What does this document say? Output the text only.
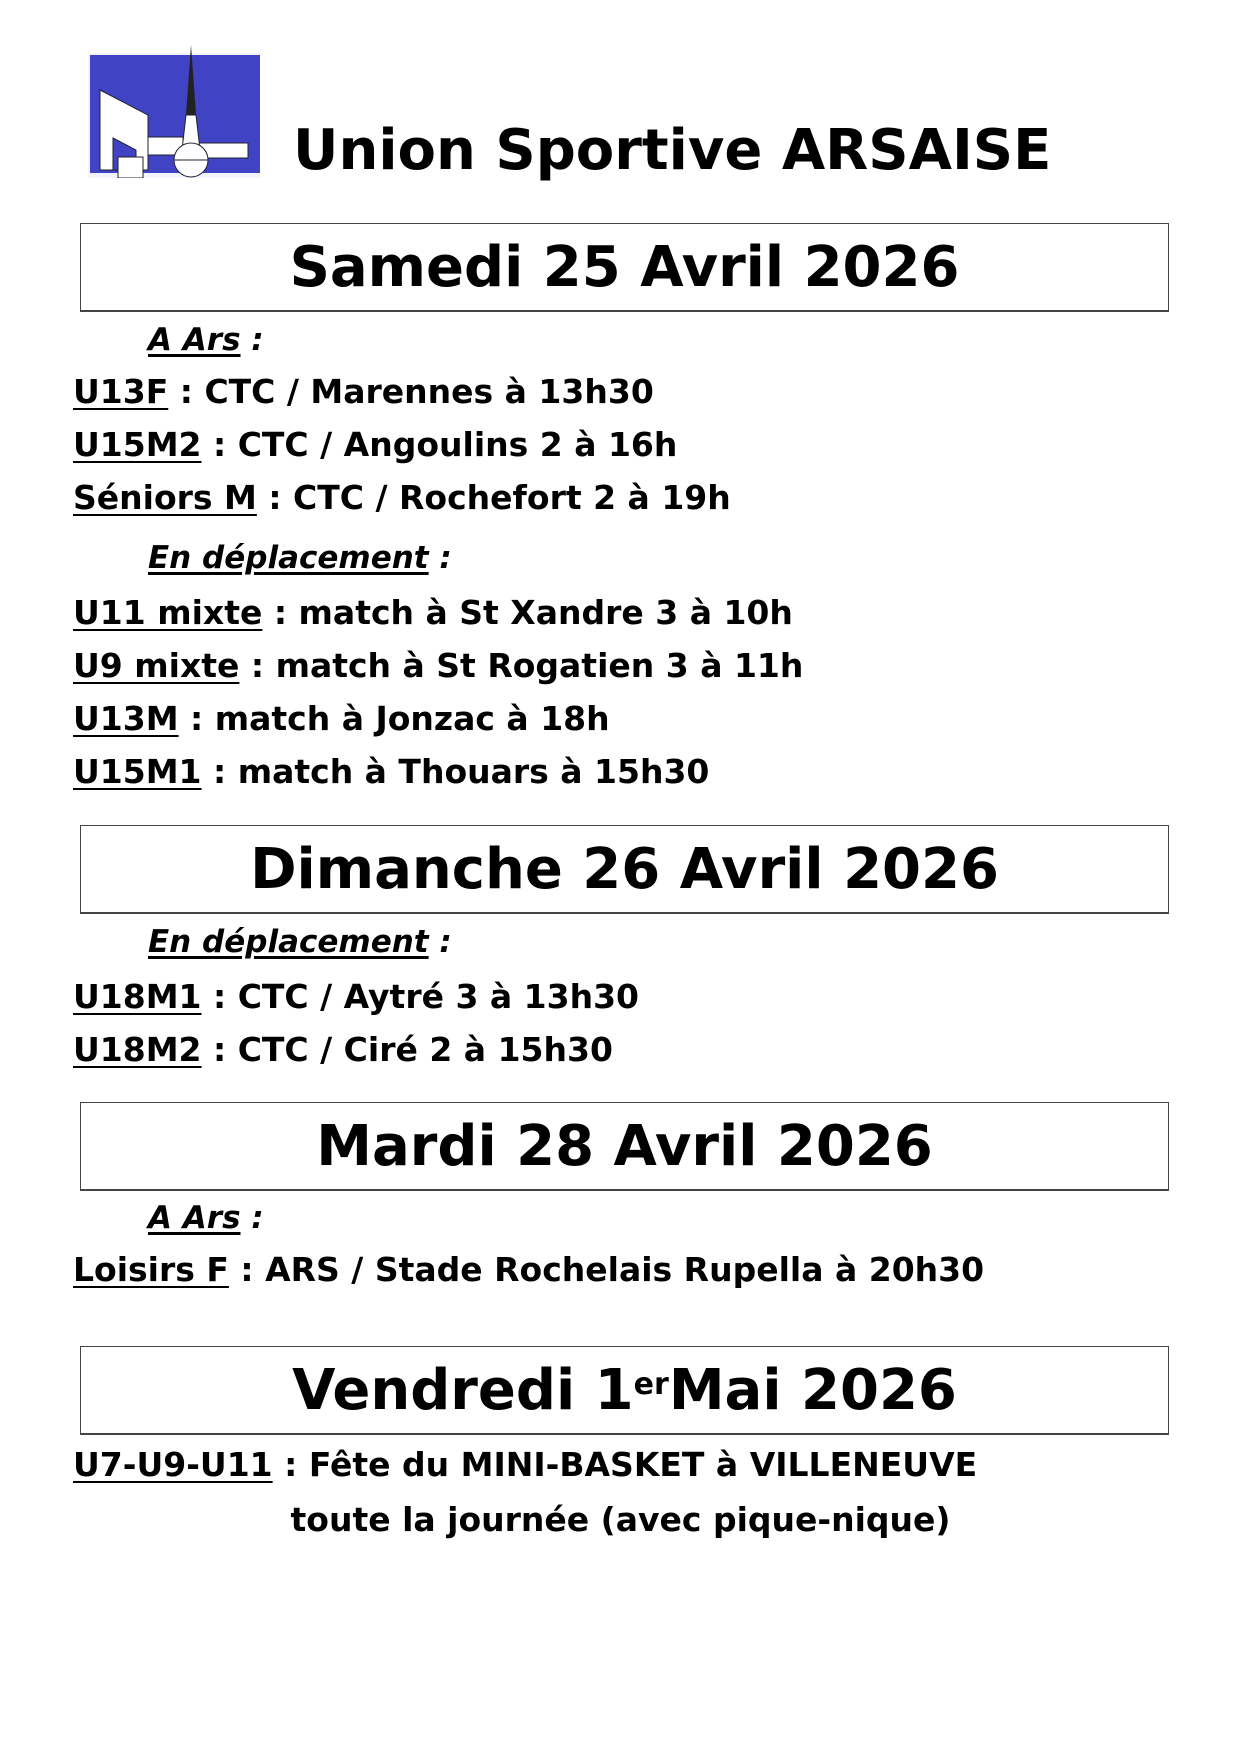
Union Sportive ARSAISE
Samedi 25 Avril 2026
A Ars :
U13F : CTC / Marennes à 13h30
U15M2 : CTC / Angoulins 2 à 16h
Séniors M : CTC / Rochefort 2 à 19h
En déplacement :
U11 mixte : match à St Xandre 3 à 10h
U9 mixte : match à St Rogatien 3 à 11h
U13M : match à Jonzac à 18h
U15M1 : match à Thouars à 15h30
Dimanche 26 Avril 2026
En déplacement :
U18M1 : CTC / Aytré 3 à 13h30
U18M2 : CTC / Ciré 2 à 15h30
Mardi 28 Avril 2026
A Ars :
Loisirs F : ARS / Stade Rochelais Rupella à 20h30
Vendredi 1er Mai 2026
U7-U9-U11 : Fête du MINI-BASKET à VILLENEUVE
toute la journée (avec pique-nique)
